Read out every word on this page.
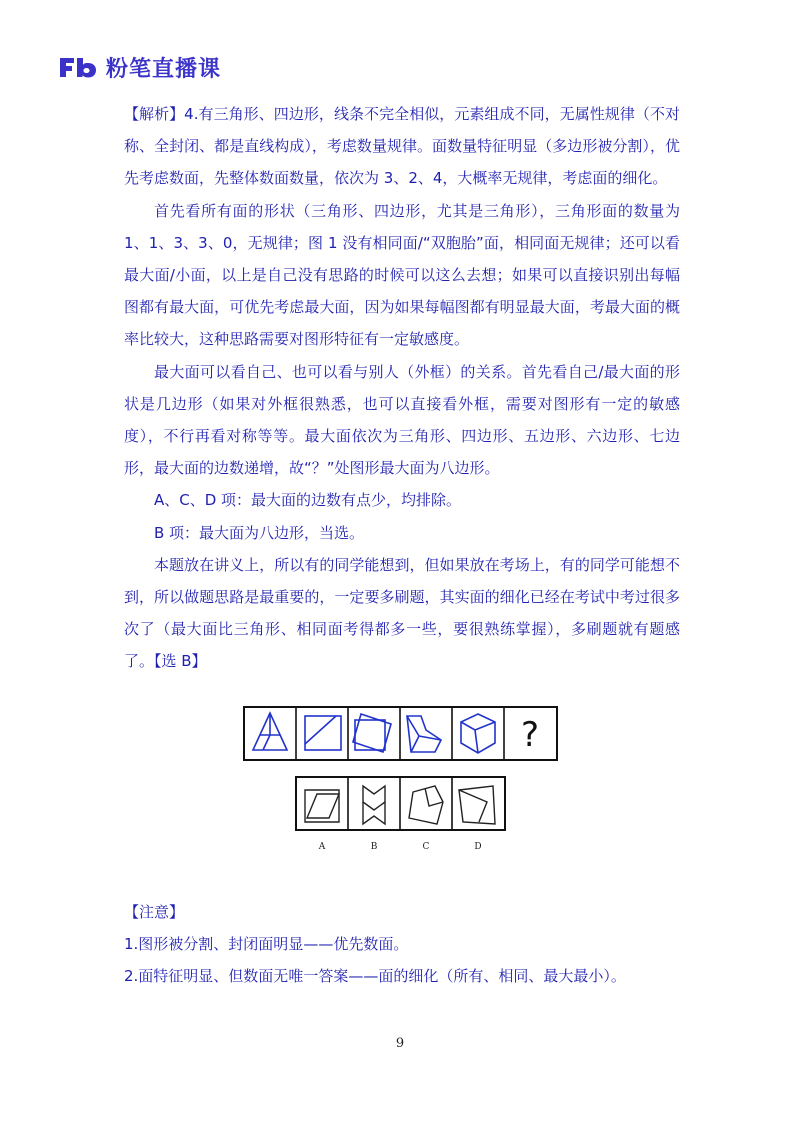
粉笔直播课

【解析】4.有三角形、四边形，线条不完全相似，元素组成不同，无属性规律（不对称、全封闭、都是直线构成），考虑数量规律。面数量特征明显（多边形被分割），优先考虑数面，先整体数面数量，依次为 3、2、4，大概率无规律，考虑面的细化。

首先看所有面的形状（三角形、四边形，尤其是三角形），三角形面的数量为 1、1、3、3、0，无规律；图 1 没有相同面/“双胞胎”面，相同面无规律；还可以看最大面/小面，以上是自己没有思路的时候可以这么去想；如果可以直接识别出每幅图都有最大面，可优先考虑最大面，因为如果每幅图都有明显最大面，考最大面的概率比较大，这种思路需要对图形特征有一定敏感度。

最大面可以看自己、也可以看与别人（外框）的关系。首先看自己/最大面的形状是几边形（如果对外框很熟悉，也可以直接看外框，需要对图形有一定的敏感度），不行再看对称等等。最大面依次为三角形、四边形、五边形、六边形、七边形，最大面的边数递增，故“？”处图形最大面为八边形。

A、C、D 项：最大面的边数有点少，均排除。

B 项：最大面为八边形，当选。

本题放在讲义上，所以有的同学能想到，但如果放在考场上，有的同学可能想不到，所以做题思路是最重要的，一定要多刷题，其实面的细化已经在考试中考过很多次了（最大面比三角形、相同面考得都多一些，要很熟练掌握），多刷题就有题感了。【选 B】

?
A	B	C	D

【注意】

1.图形被分割、封闭面明显——优先数面。

2.面特征明显、但数面无唯一答案——面的细化（所有、相同、最大最小）。

9
